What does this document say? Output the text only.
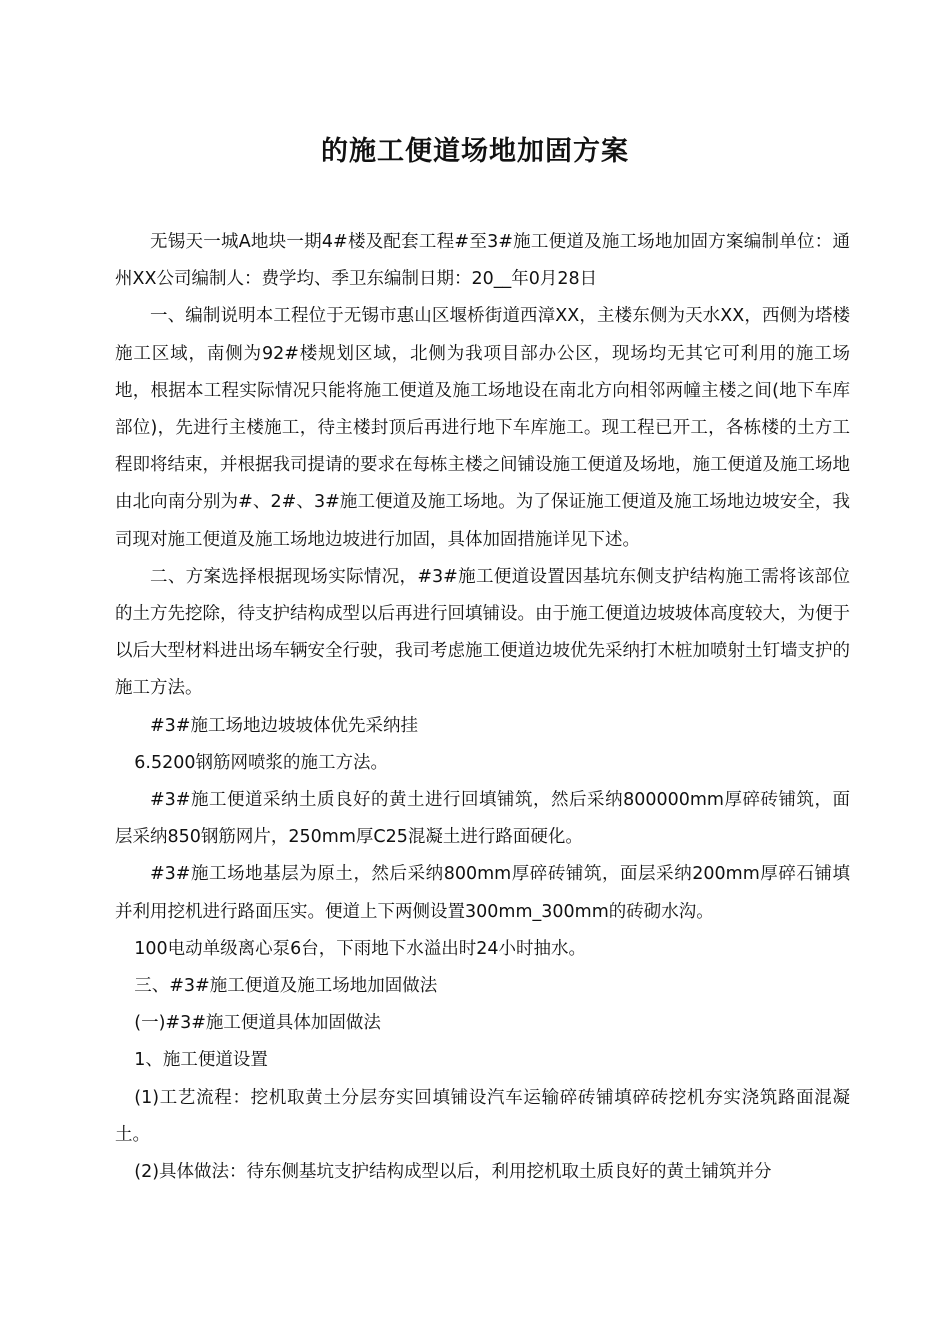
的施工便道场地加固方案

无锡天一城A地块一期4#楼及配套工程#至3#施工便道及施工场地加固方案编制单位：通州XX公司编制人：费学均、季卫东编制日期：20__年0月28日

一、编制说明本工程位于无锡市惠山区堰桥街道西漳XX，主楼东侧为天水XX，西侧为塔楼施工区域，南侧为92#楼规划区域，北侧为我项目部办公区，现场均无其它可利用的施工场地，根据本工程实际情况只能将施工便道及施工场地设在南北方向相邻两幢主楼之间(地下车库部位)，先进行主楼施工，待主楼封顶后再进行地下车库施工。现工程已开工，各栋楼的土方工程即将结束，并根据我司提请的要求在每栋主楼之间铺设施工便道及场地，施工便道及施工场地由北向南分别为#、2#、3#施工便道及施工场地。为了保证施工便道及施工场地边坡安全，我司现对施工便道及施工场地边坡进行加固，具体加固措施详见下述。

二、方案选择根据现场实际情况，#3#施工便道设置因基坑东侧支护结构施工需将该部位的土方先挖除，待支护结构成型以后再进行回填铺设。由于施工便道边坡坡体高度较大，为便于以后大型材料进出场车辆安全行驶，我司考虑施工便道边坡优先采纳打木桩加喷射土钉墙支护的施工方法。

#3#施工场地边坡坡体优先采纳挂

6.5200钢筋网喷浆的施工方法。

#3#施工便道采纳土质良好的黄土进行回填铺筑，然后采纳800000mm厚碎砖铺筑，面层采纳850钢筋网片，250mm厚C25混凝土进行路面硬化。

#3#施工场地基层为原土，然后采纳800mm厚碎砖铺筑，面层采纳200mm厚碎石铺填并利用挖机进行路面压实。便道上下两侧设置300mm_300mm的砖砌水沟。

100电动单级离心泵6台，下雨地下水溢出时24小时抽水。

三、#3#施工便道及施工场地加固做法

(一)#3#施工便道具体加固做法

1、施工便道设置

(1)工艺流程：挖机取黄土分层夯实回填铺设汽车运输碎砖铺填碎砖挖机夯实浇筑路面混凝土。

(2)具体做法：待东侧基坑支护结构成型以后，利用挖机取土质良好的黄土铺筑并分
